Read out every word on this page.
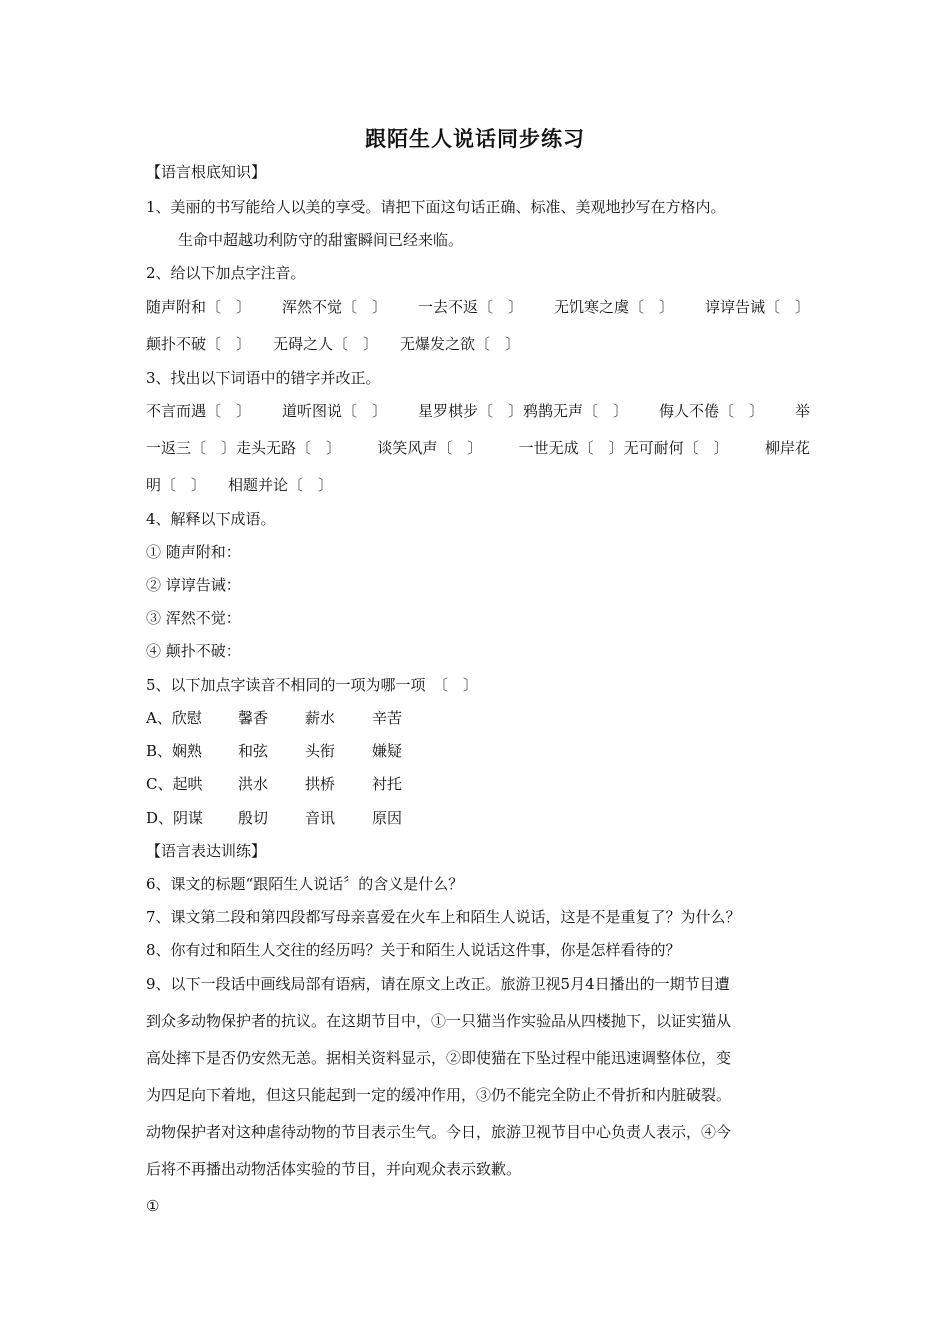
跟陌生人说话同步练习
【语言根底知识】
1、美丽的书写能给人以美的享受。请把下面这句话正确、标准、美观地抄写在方格内。
生命中超越功利防守的甜蜜瞬间已经来临。
2、给以下加点字注音。
随声附和〔　〕 浑然不觉〔　〕 一去不返〔　〕 无饥寒之虞〔　〕 谆谆告诫〔　〕
颠扑不破〔　〕 无碍之人〔　〕 无爆发之欲〔　〕
3、找出以下词语中的错字并改正。
不言而遇〔　〕 道听图说〔　〕 星罗棋步〔　〕鸦鹊无声〔　〕 侮人不倦〔　〕 举
一返三〔　〕走头无路〔　〕 谈笑风声〔　〕 一世无成〔　〕无可耐何〔　〕 柳岸花
明〔　〕 相题并论〔　〕
4、解释以下成语。
① 随声附和：
② 谆谆告诫：
③ 浑然不觉：
④ 颠扑不破：
5、以下加点字读音不相同的一项为哪一项　〔　〕
A、欣慰	馨香	薪水	辛苦
B、娴熟	和弦	头衔	嫌疑
C、起哄	洪水	拱桥	衬托
D、阴谋	殷切	音讯	原因
【语言表达训练】
6、课文的标题“跟陌生人说话〞的含义是什么？
7、课文第二段和第四段都写母亲喜爱在火车上和陌生人说话，这是不是重复了？为什么？
8、你有过和陌生人交往的经历吗？关于和陌生人说话这件事，你是怎样看待的？
9、以下一段话中画线局部有语病，请在原文上改正。旅游卫视5月4日播出的一期节目遭
到众多动物保护者的抗议。在这期节目中，①一只猫当作实验品从四楼抛下，以证实猫从
高处摔下是否仍安然无恙。据相关资料显示，②即使猫在下坠过程中能迅速调整体位，变
为四足向下着地，但这只能起到一定的缓冲作用，③仍不能完全防止不骨折和内脏破裂。
动物保护者对这种虐待动物的节目表示生气。今日，旅游卫视节目中心负责人表示，④今
后将不再播出动物活体实验的节目，并向观众表示致歉。
①
